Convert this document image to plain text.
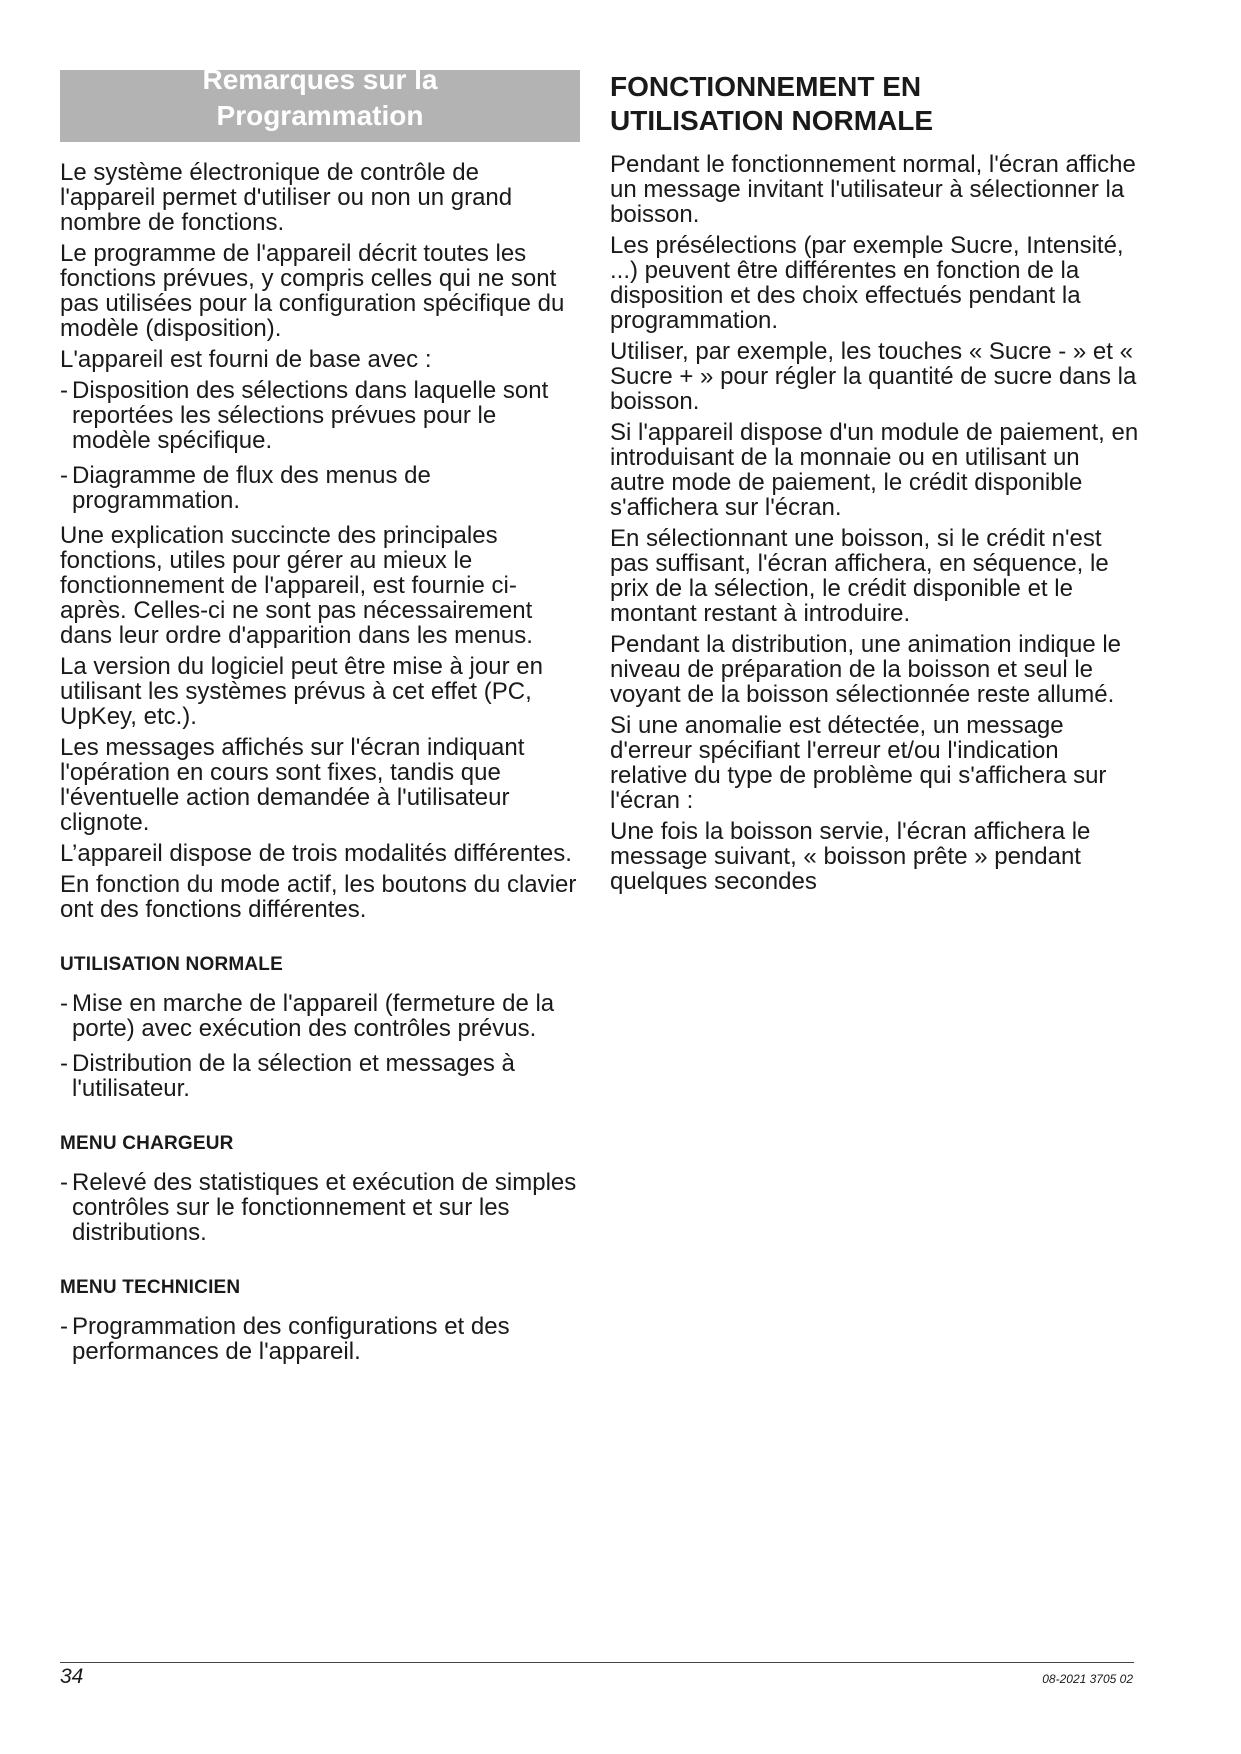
Remarques sur la
Programmation

Le système électronique de contrôle de l'appareil permet d'utiliser ou non un grand nombre de fonctions.

Le programme de l'appareil décrit toutes les fonctions prévues, y compris celles qui ne sont pas utilisées pour la configuration spécifique du modèle (disposition).

L'appareil est fourni de base avec :

- Disposition des sélections dans laquelle sont reportées les sélections prévues pour le modèle spécifique.
- Diagramme de flux des menus de programmation.

Une explication succincte des principales fonctions, utiles pour gérer au mieux le fonctionnement de l'appareil, est fournie ci-après. Celles-ci ne sont pas nécessairement dans leur ordre d'apparition dans les menus.

La version du logiciel peut être mise à jour en utilisant les systèmes prévus à cet effet (PC, UpKey, etc.).

Les messages affichés sur l'écran indiquant l'opération en cours sont fixes, tandis que l'éventuelle action demandée à l'utilisateur clignote.

L’appareil dispose de trois modalités différentes.

En fonction du mode actif, les boutons du clavier ont des fonctions différentes.

UTILISATION NORMALE
- Mise en marche de l'appareil (fermeture de la porte) avec exécution des contrôles prévus.
- Distribution de la sélection et messages à l'utilisateur.
MENU CHARGEUR
- Relevé des statistiques et exécution de simples contrôles sur le fonctionnement et sur les distributions.
MENU TECHNICIEN
- Programmation des configurations et des performances de l'appareil.
FONCTIONNEMENT EN
UTILISATION NORMALE

Pendant le fonctionnement normal, l'écran affiche un message invitant l'utilisateur à sélectionner la boisson.

Les présélections (par exemple Sucre, Intensité, ...) peuvent être différentes en fonction de la disposition et des choix effectués pendant la programmation.

Utiliser, par exemple, les touches « Sucre - » et « Sucre + » pour régler la quantité de sucre dans la boisson.

Si l'appareil dispose d'un module de paiement, en introduisant de la monnaie ou en utilisant un autre mode de paiement, le crédit disponible s'affichera sur l'écran.

En sélectionnant une boisson, si le crédit n'est pas suffisant, l'écran affichera, en séquence, le prix de la sélection, le crédit disponible et le montant restant à introduire.

Pendant la distribution, une animation indique le niveau de préparation de la boisson et seul le voyant de la boisson sélectionnée reste allumé.

Si une anomalie est détectée, un message d'erreur spécifiant l'erreur et/ou l'indication relative du type de problème qui s'affichera sur l'écran :

Une fois la boisson servie, l'écran affichera le message suivant, « boisson prête » pendant quelques secondes

34	08-2021 3705 02
